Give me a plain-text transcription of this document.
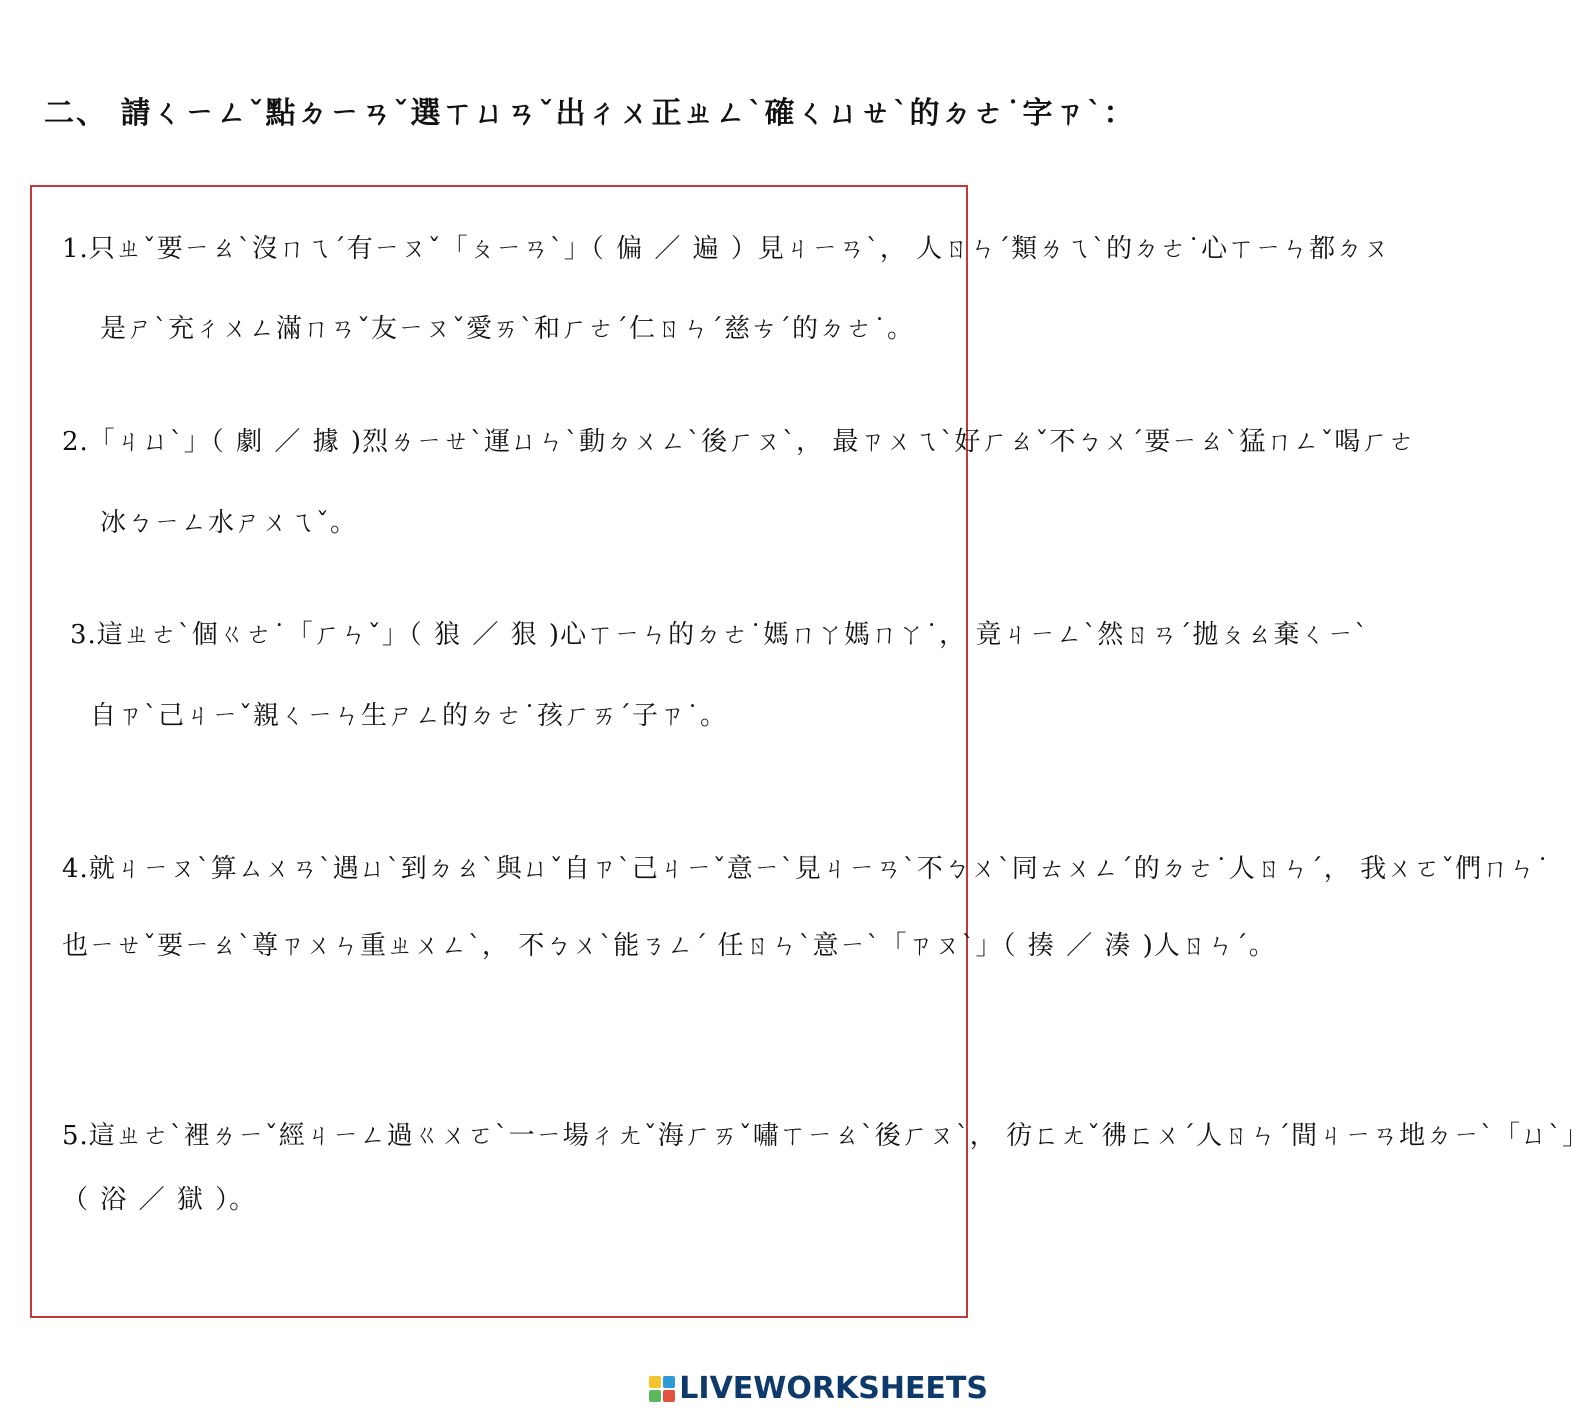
二、 請ㄑㄧㄥˇ點ㄉㄧㄢˇ選ㄒㄩㄢˇ出ㄔㄨ正ㄓㄥˋ確ㄑㄩㄝˋ的ㄉㄜ˙字ㄗˋ：
1.只ㄓˇ要ㄧㄠˋ沒ㄇㄟˊ有ㄧㄡˇ「ㄆㄧㄢˋ」（ 偏 ／ 遍 ）見ㄐㄧㄢˋ， 人ㄖㄣˊ類ㄌㄟˋ的ㄉㄜ˙心ㄒㄧㄣ都ㄉㄡ
是ㄕˋ充ㄔㄨㄥ滿ㄇㄢˇ友ㄧㄡˇ愛ㄞˋ和ㄏㄜˊ仁ㄖㄣˊ慈ㄘˊ的ㄉㄜ˙。
2.「ㄐㄩˋ」（ 劇 ／ 據 )烈ㄌㄧㄝˋ運ㄩㄣˋ動ㄉㄨㄥˋ後ㄏㄡˋ， 最ㄗㄨㄟˋ好ㄏㄠˇ不ㄅㄨˊ要ㄧㄠˋ猛ㄇㄥˇ喝ㄏㄜ
冰ㄅㄧㄥ水ㄕㄨㄟˇ。
3.這ㄓㄜˋ個ㄍㄜ˙「ㄏㄣˇ」（ 狼 ／ 狠 )心ㄒㄧㄣ的ㄉㄜ˙媽ㄇㄚ媽ㄇㄚ˙， 竟ㄐㄧㄥˋ然ㄖㄢˊ拋ㄆㄠ棄ㄑㄧˋ
自ㄗˋ己ㄐㄧˇ親ㄑㄧㄣ生ㄕㄥ的ㄉㄜ˙孩ㄏㄞˊ子ㄗ˙。
4.就ㄐㄧㄡˋ算ㄙㄨㄢˋ遇ㄩˋ到ㄉㄠˋ與ㄩˇ自ㄗˋ己ㄐㄧˇ意ㄧˋ見ㄐㄧㄢˋ不ㄅㄨˋ同ㄊㄨㄥˊ的ㄉㄜ˙人ㄖㄣˊ， 我ㄨㄛˇ們ㄇㄣ˙
也ㄧㄝˇ要ㄧㄠˋ尊ㄗㄨㄣ重ㄓㄨㄥˋ， 不ㄅㄨˋ能ㄋㄥˊ 任ㄖㄣˋ意ㄧˋ「ㄗㄡˋ」（ 揍 ／ 湊 )人ㄖㄣˊ。
5.這ㄓㄜˋ裡ㄌㄧˇ經ㄐㄧㄥ過ㄍㄨㄛˋ一ㄧ場ㄔㄤˇ海ㄏㄞˇ嘯ㄒㄧㄠˋ後ㄏㄡˋ， 彷ㄈㄤˇ彿ㄈㄨˊ人ㄖㄣˊ間ㄐㄧㄢ地ㄉㄧˋ「ㄩˋ」
（ 浴 ／ 獄 ）。
LIVEWORKSHEETS
